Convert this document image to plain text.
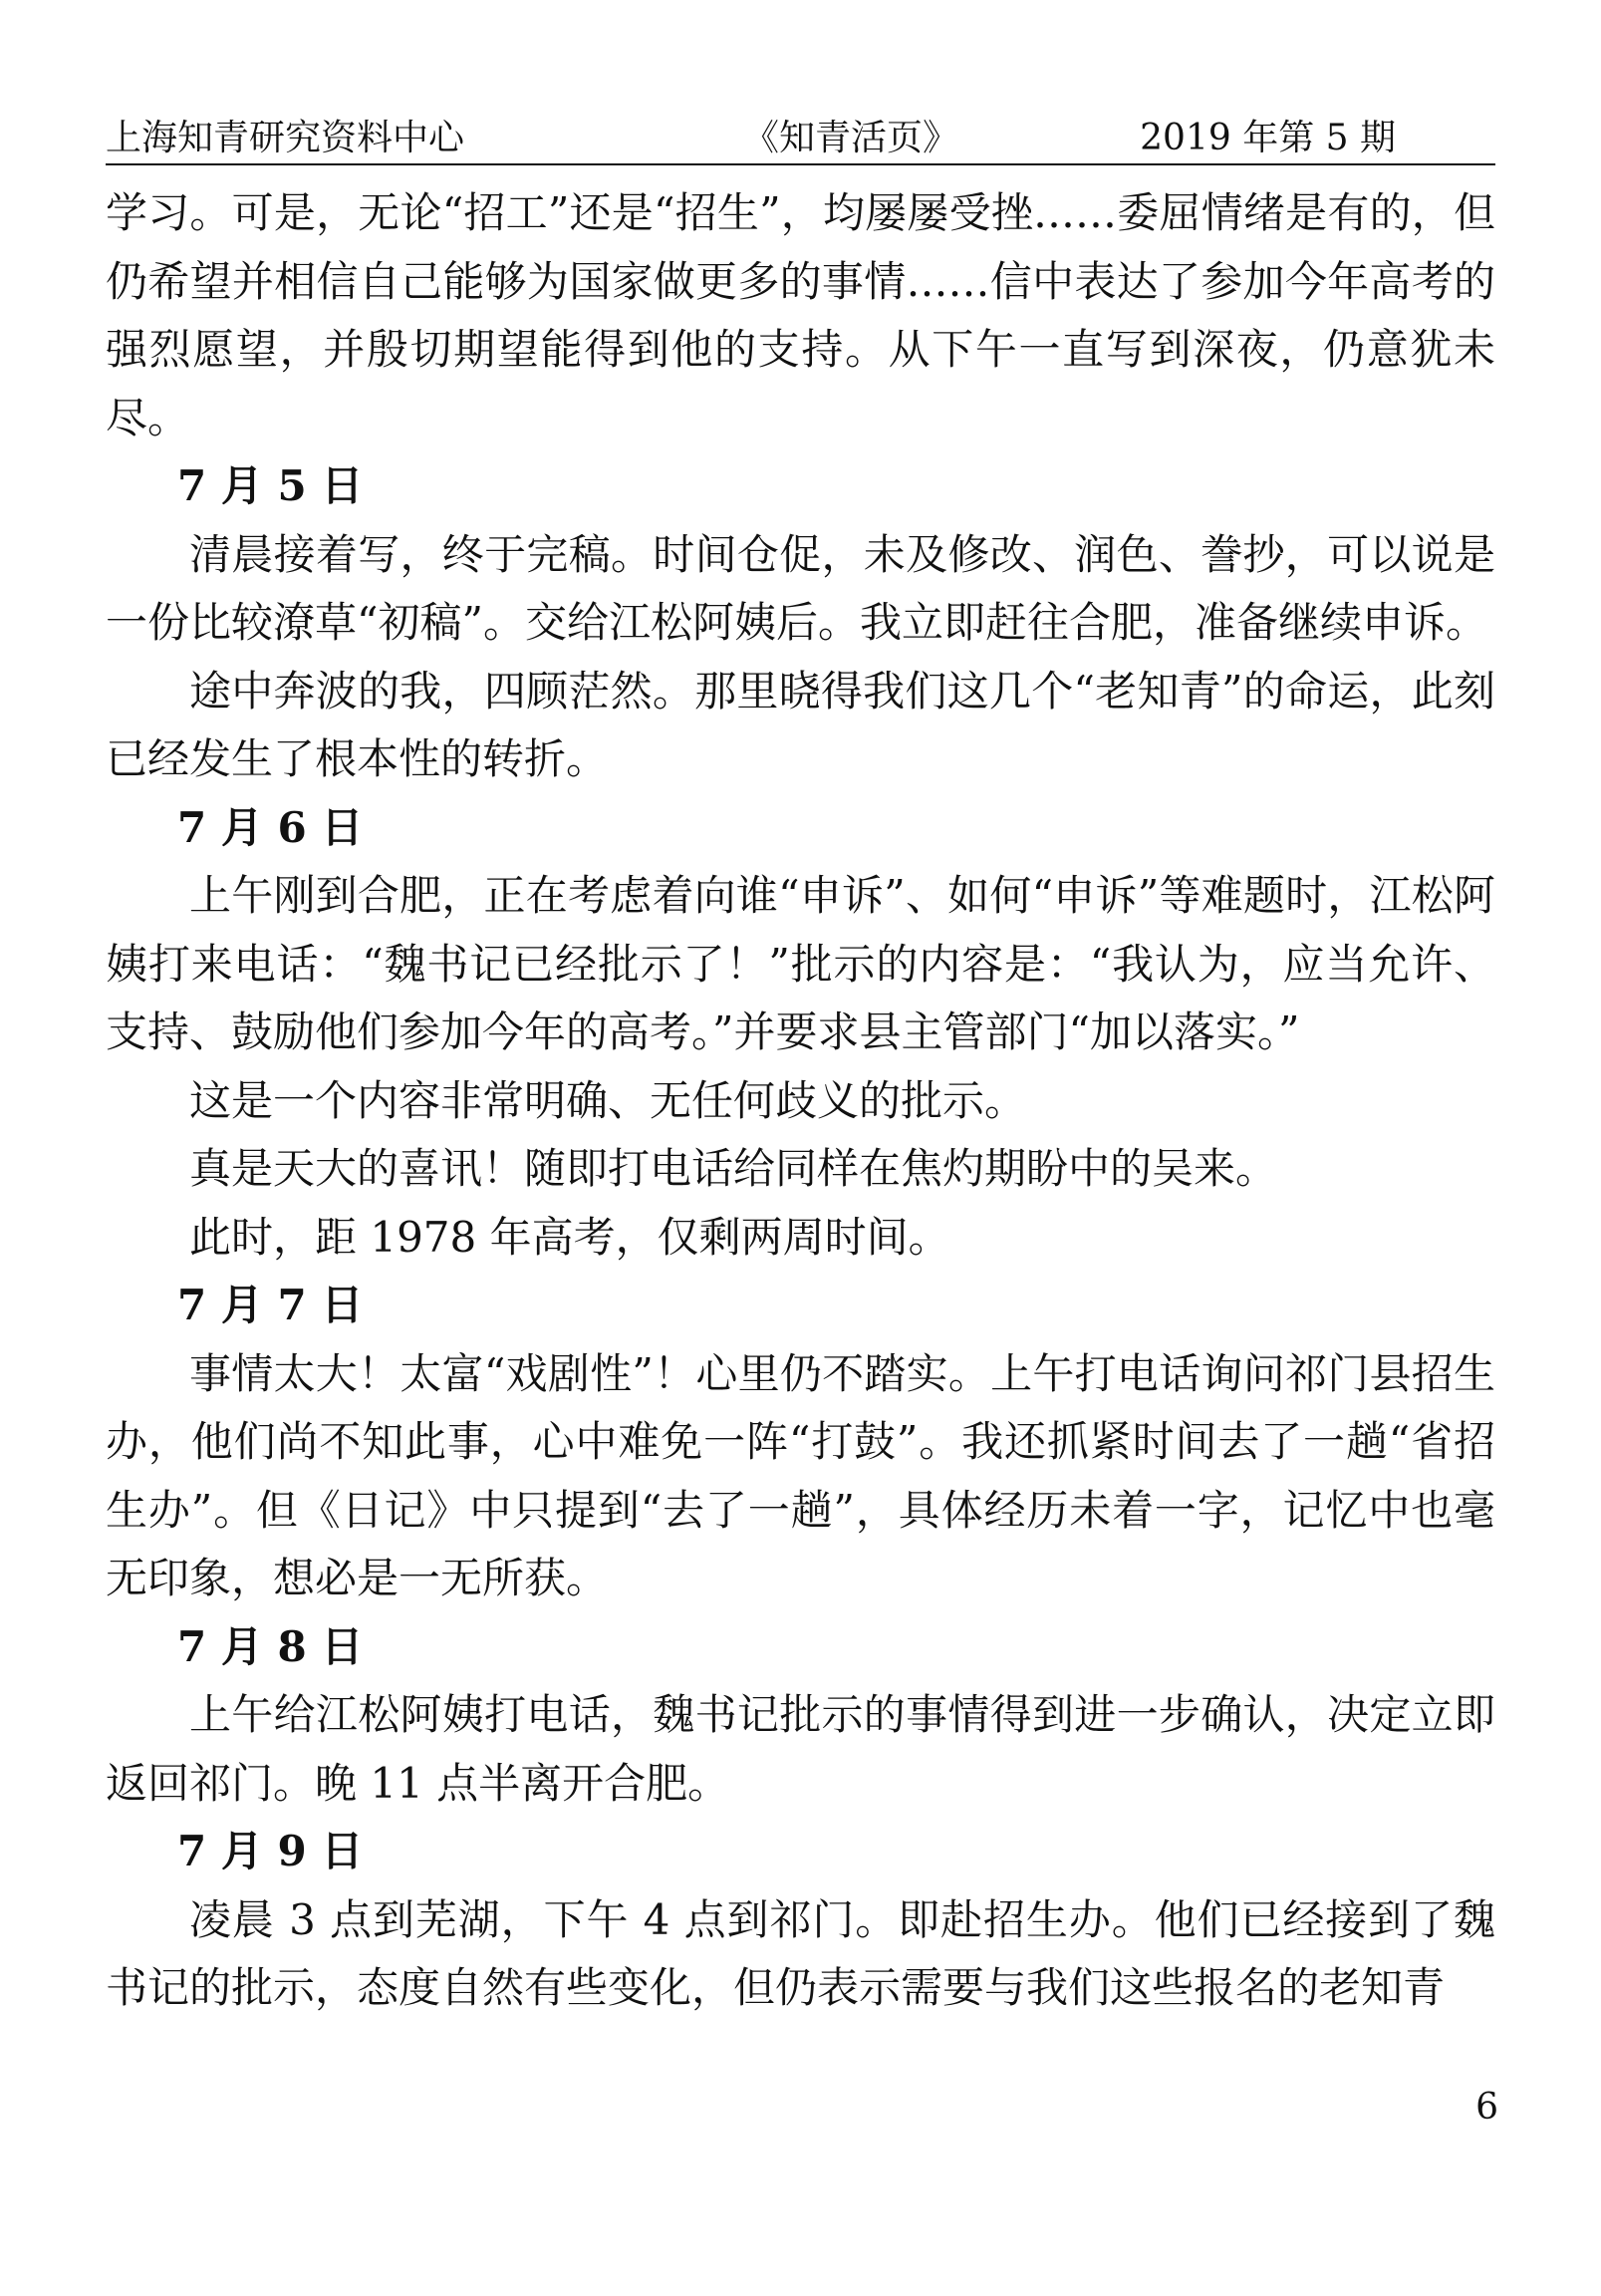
上海知青研究资料中心	《知青活页》	2019 年第 5 期

学习。可是，无论“招工”还是“招生”，均屡屡受挫……委屈情绪是有的，但仍希望并相信自己能够为国家做更多的事情……信中表达了参加今年高考的强烈愿望，并殷切期望能得到他的支持。从下午一直写到深夜，仍意犹未尽。

7 月 5 日

清晨接着写，终于完稿。时间仓促，未及修改、润色、誊抄，可以说是一份比较潦草“初稿”。交给江松阿姨后。我立即赶往合肥，准备继续申诉。

途中奔波的我，四顾茫然。那里晓得我们这几个“老知青”的命运，此刻已经发生了根本性的转折。

7 月 6 日

上午刚到合肥，正在考虑着向谁“申诉”、如何“申诉”等难题时，江松阿姨打来电话：“魏书记已经批示了！”批示的内容是：“我认为，应当允许、支持、鼓励他们参加今年的高考。”并要求县主管部门“加以落实。”

这是一个内容非常明确、无任何歧义的批示。

真是天大的喜讯！随即打电话给同样在焦灼期盼中的吴来。

此时，距 1978 年高考，仅剩两周时间。

7 月 7 日

事情太大！太富“戏剧性”！心里仍不踏实。上午打电话询问祁门县招生办，他们尚不知此事，心中难免一阵“打鼓”。我还抓紧时间去了一趟“省招生办”。但《日记》中只提到“去了一趟”，具体经历未着一字，记忆中也毫无印象，想必是一无所获。

7 月 8 日

上午给江松阿姨打电话，魏书记批示的事情得到进一步确认，决定立即返回祁门。晚 11 点半离开合肥。

7 月 9 日

凌晨 3 点到芜湖，下午 4 点到祁门。即赴招生办。他们已经接到了魏书记的批示，态度自然有些变化，但仍表示需要与我们这些报名的老知青

6
